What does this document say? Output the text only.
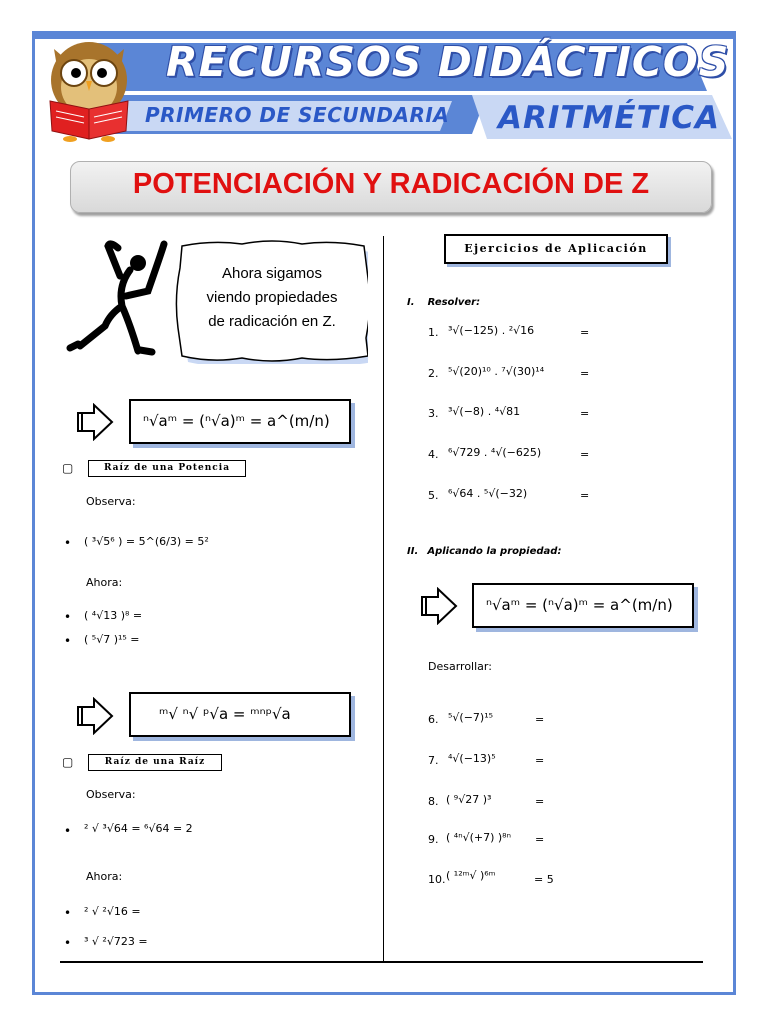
RECURSOS DIDÁCTICOS
PRIMERO DE SECUNDARIA ARITMÉTICA
POTENCIACIÓN Y RADICACIÓN DE Z
Ahora sigamos
viendo propiedades
de radicación en Z.
ⁿ√aᵐ = (ⁿ√a)ᵐ = a^(m/n)
▢	Raíz de una Potencia
Observa:
• ( ³√5⁶ ) = 5^(6/3) = 5²
Ahora:
• ( ⁴√13 )⁸ =
• ( ⁵√7 )¹⁵ =
ᵐ√ ⁿ√ ᵖ√a = ᵐⁿᵖ√a
▢	Raíz de una Raíz
Observa:
• ² √ ³√64 = ⁶√64 = 2
Ahora:
• ² √ ²√16 =
• ³ √ ²√723 =
Ejercicios de Aplicación
I. Resolver:
1. ³√(−125) . ²√16	=
2. ⁵√(20)¹⁰ . ⁷√(30)¹⁴	=
3. ³√(−8) . ⁴√81	=
4. ⁶√729 . ⁴√(−625)	=
5. ⁶√64 . ⁵√(−32)	=
II. Aplicando la propiedad:
ⁿ√aᵐ = (ⁿ√a)ᵐ = a^(m/n)
Desarrollar:
6. ⁵√(−7)¹⁵	=
7. ⁴√(−13)⁵	=
8. ( ⁹√27 )³	=
9. ( ⁴ⁿ√(+7) )⁸ⁿ =
10. ( ¹²ᵐ√ )⁶ᵐ	= 5
